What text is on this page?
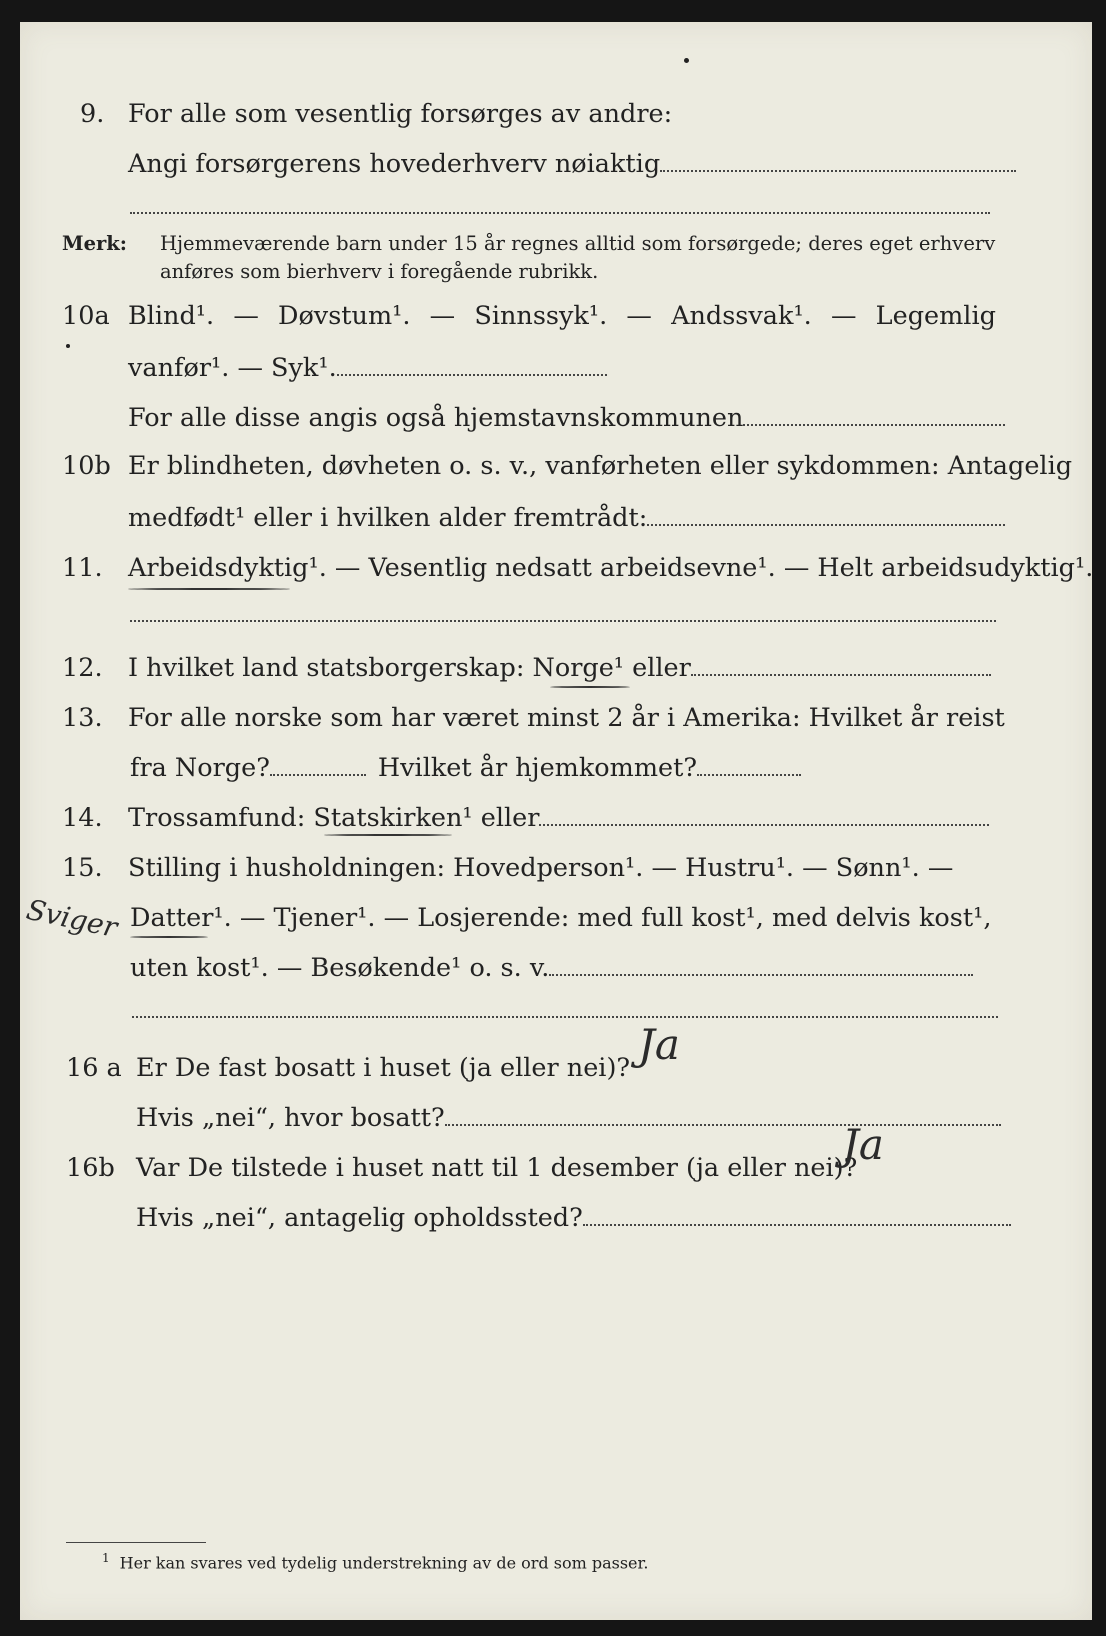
9. For alle som vesentlig forsørges av andre:
Angi forsørgerens hovederhverv nøiaktig
Merk: Hjemmeværende barn under 15 år regnes alltid som forsørgede; deres eget erhverv
anføres som bierhverv i foregående rubrikk.
10a Blind¹. — Døvstum¹. — Sinnssyk¹. — Andssvak¹. — Legemlig
vanfør¹. — Syk¹.
For alle disse angis også hjemstavnskommunen
10b Er blindheten, døvheten o. s. v., vanførheten eller sykdommen: Antagelig
medfødt¹ eller i hvilken alder fremtrådt:
11. Arbeidsdyktig¹. — Vesentlig nedsatt arbeidsevne¹. — Helt arbeidsudyktig¹.
12. I hvilket land statsborgerskap: Norge¹ eller
13. For alle norske som har været minst 2 år i Amerika: Hvilket år reist
fra Norge?	Hvilket år hjemkommet?
14. Trossamfund: Statskirken¹ eller
15. Stilling i husholdningen: Hovedperson¹. — Hustru¹. — Sønn¹. —
Datter¹. — Tjener¹. — Losjerende: med full kost¹, med delvis kost¹,
Sviger
uten kost¹. — Besøkende¹ o. s. v.
16 a Er De fast bosatt i huset (ja eller nei)? Ja
Hvis „nei“, hvor bosatt?
16b Var De tilstede i huset natt til 1 desember (ja eller nei)?
Ja
Hvis „nei“, antagelig opholdssted?
$^1$ Her kan svares ved tydelig understrekning av de ord som passer.
